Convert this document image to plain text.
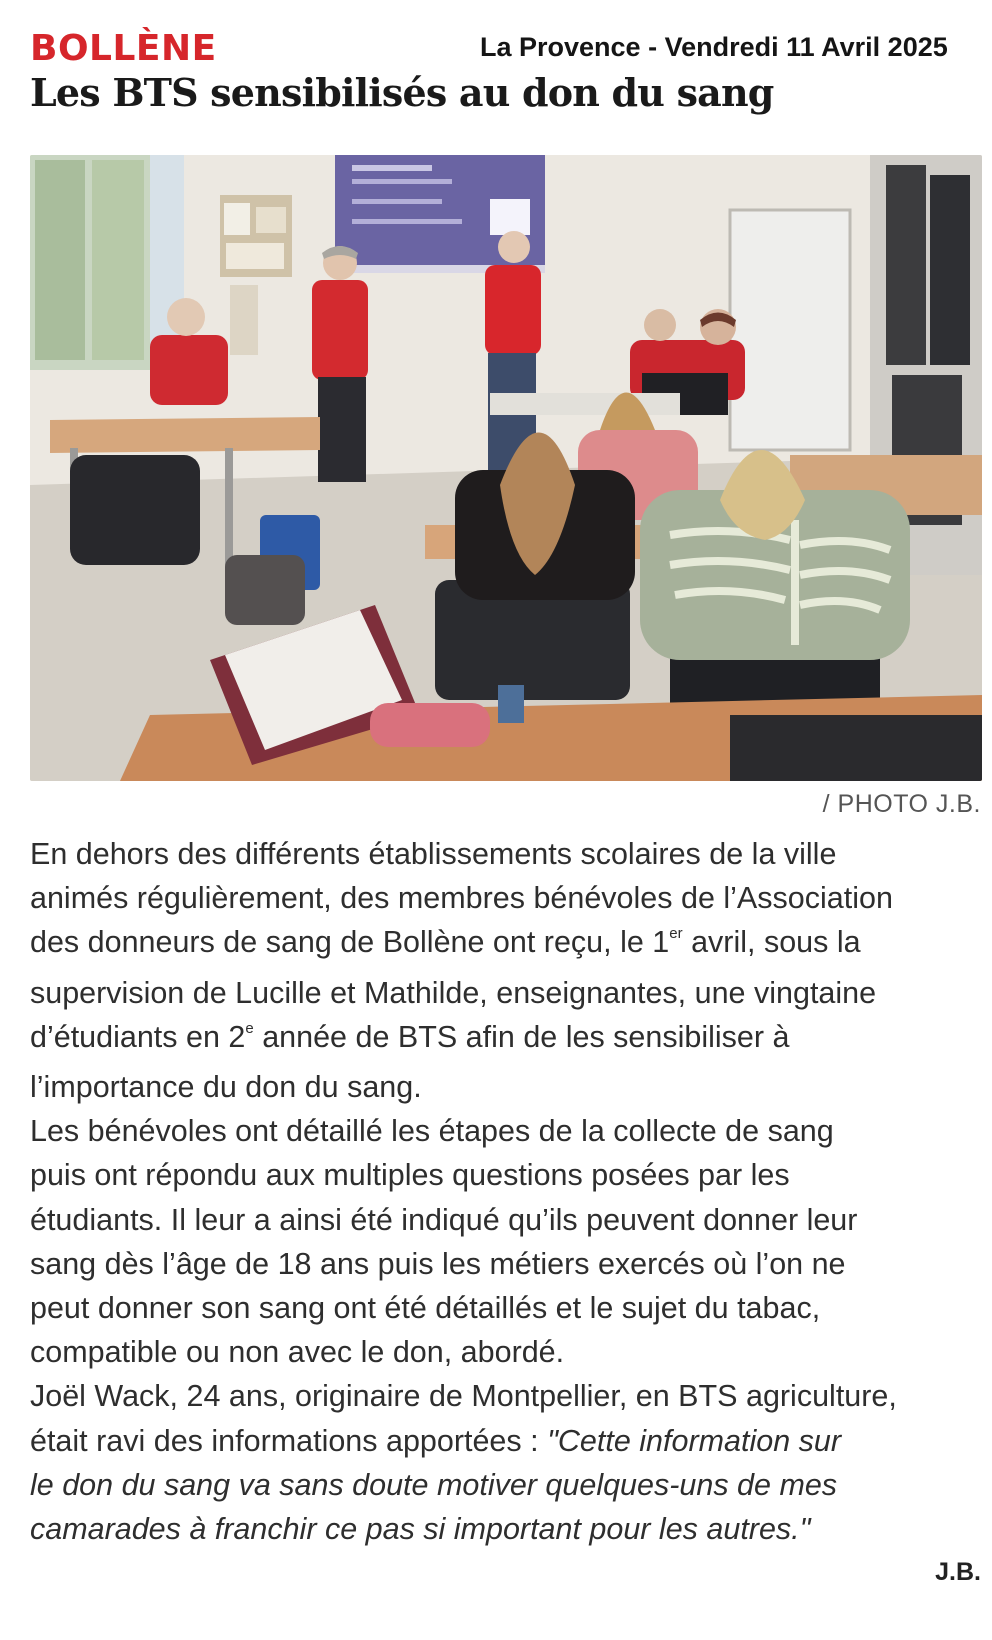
BOLLÈNE	La Provence - Vendredi 11 Avril 2025
Les BTS sensibilisés au don du sang
/ PHOTO J.B.

En dehors des différents établissements scolaires de la ville
animés régulièrement, des membres bénévoles de l’Association
des donneurs de sang de Bollène ont reçu, le 1er avril, sous la
supervision de Lucille et Mathilde, enseignantes, une vingtaine
d’étudiants en 2e année de BTS afin de les sensibiliser à
l’importance du don du sang.

Les bénévoles ont détaillé les étapes de la collecte de sang
puis ont répondu aux multiples questions posées par les
étudiants. Il leur a ainsi été indiqué qu’ils peuvent donner leur
sang dès l’âge de 18 ans puis les métiers exercés où l’on ne
peut donner son sang ont été détaillés et le sujet du tabac,
compatible ou non avec le don, abordé.

Joël Wack, 24 ans, originaire de Montpellier, en BTS agriculture,
était ravi des informations apportées : "Cette information sur
le don du sang va sans doute motiver quelques-uns de mes
camarades à franchir ce pas si important pour les autres."

J.B.
